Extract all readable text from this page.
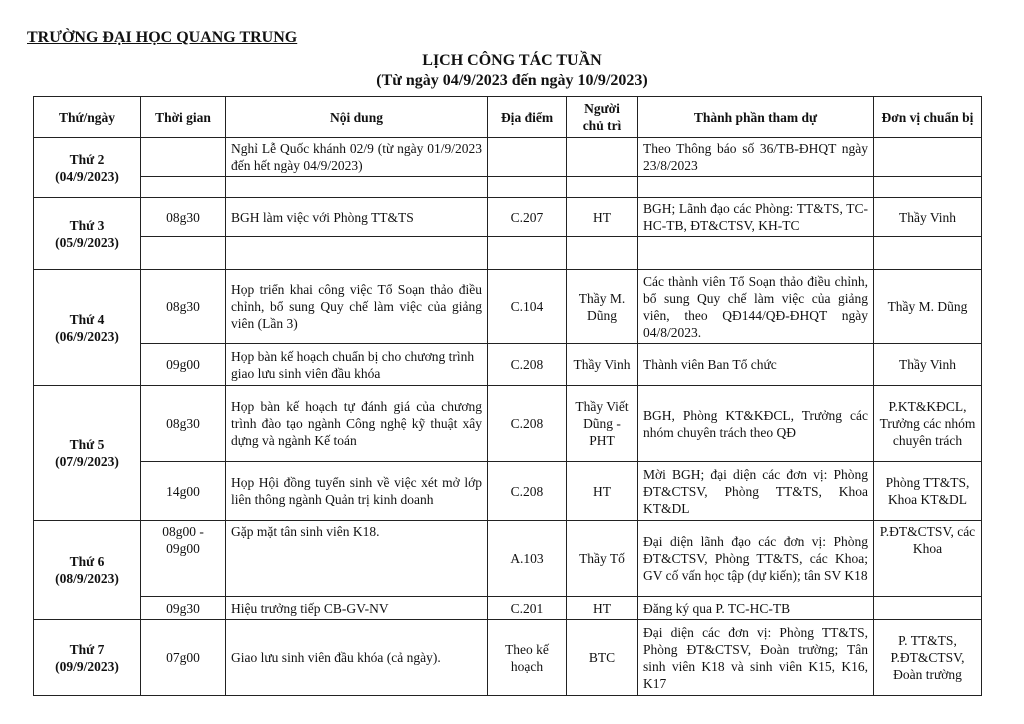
TRƯỜNG ĐẠI HỌC QUANG TRUNG
LỊCH CÔNG TÁC TUẦN
(Từ ngày 04/9/2023 đến ngày 10/9/2023)
Thứ/ngày	Thời gian	Nội dung	Địa điểm	Người chủ trì	Thành phần tham dự	Đơn vị chuẩn bị

Thứ 2
(04/9/2023)		Nghỉ Lễ Quốc khánh 02/9 (từ ngày 01/9/2023 đến hết ngày 04/9/2023)			Theo Thông báo số 36/TB-ĐHQT ngày 23/8/2023	

Thứ 3
(05/9/2023)	08g30	BGH làm việc với Phòng TT&TS	C.207	HT	BGH; Lãnh đạo các Phòng: TT&TS, TC-HC-TB, ĐT&CTSV, KH-TC	Thầy Vinh

Thứ 4
(06/9/2023)	08g30	Họp triển khai công việc Tổ Soạn thảo điều chỉnh, bổ sung Quy chế làm việc của giảng viên (Lần 3)	C.104	Thầy M. Dũng	Các thành viên Tổ Soạn thảo điều chỉnh, bổ sung Quy chế làm việc của giảng viên, theo QĐ144/QĐ-ĐHQT ngày 04/8/2023.	Thầy M. Dũng
	09g00	Họp bàn kế hoạch chuẩn bị cho chương trình giao lưu sinh viên đầu khóa	C.208	Thầy Vinh	Thành viên Ban Tổ chức	Thầy Vinh

Thứ 5
(07/9/2023)	08g30	Họp bàn kế hoạch tự đánh giá của chương trình đào tạo ngành Công nghệ kỹ thuật xây dựng và ngành Kế toán	C.208	Thầy Viết Dũng - PHT	BGH, Phòng KT&KĐCL, Trưởng các nhóm chuyên trách theo QĐ	P.KT&KĐCL, Trưởng các nhóm chuyên trách
	14g00	Họp Hội đồng tuyển sinh về việc xét mở lớp liên thông ngành Quản trị kinh doanh	C.208	HT	Mời BGH; đại diện các đơn vị: Phòng ĐT&CTSV, Phòng TT&TS, Khoa KT&DL	Phòng TT&TS, Khoa KT&DL

Thứ 6
(08/9/2023)	08g00 - 09g00	Gặp mặt tân sinh viên K18.	A.103	Thầy Tố	Đại diện lãnh đạo các đơn vị: Phòng ĐT&CTSV, Phòng TT&TS, các Khoa; GV cố vấn học tập (dự kiến); tân SV K18	P.ĐT&CTSV, các Khoa
	09g30	Hiệu trưởng tiếp CB-GV-NV	C.201	HT	Đăng ký qua P. TC-HC-TB	

Thứ 7
(09/9/2023)	07g00	Giao lưu sinh viên đầu khóa (cả ngày).	Theo kế hoạch	BTC	Đại diện các đơn vị: Phòng TT&TS, Phòng ĐT&CTSV, Đoàn trường; Tân sinh viên K18 và sinh viên K15, K16, K17	P. TT&TS, P.ĐT&CTSV, Đoàn trường
